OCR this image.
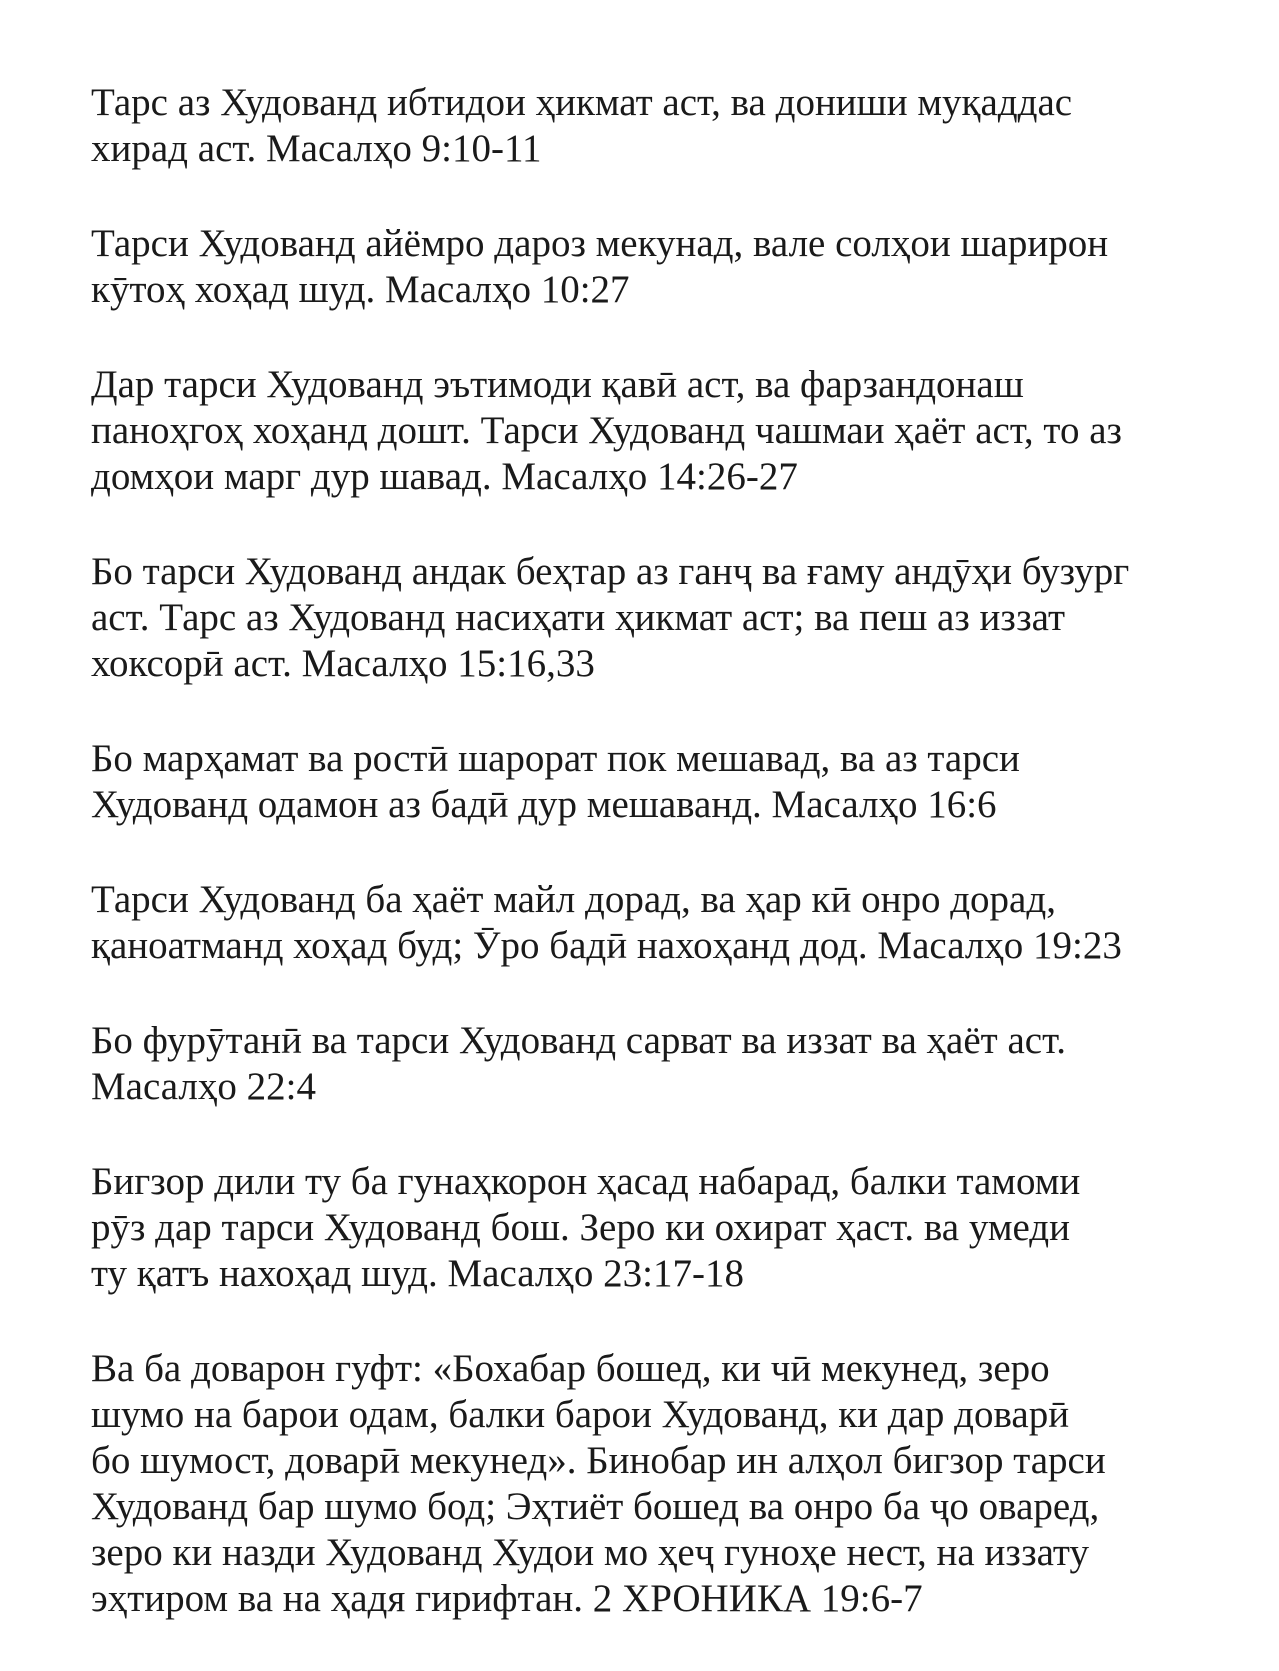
Тарс аз Худованд ибтидои ҳикмат аст, ва дониши муқаддас
хирад аст. Масалҳо 9:10-11
Тарси Худованд айёмро дароз мекунад, вале солҳои шарирон
кӯтоҳ хоҳад шуд. Масалҳо 10:27
Дар тарси Худованд эътимоди қавӣ аст, ва фарзандонаш
паноҳгоҳ хоҳанд дошт. Тарси Худованд чашмаи ҳаёт аст, то аз
домҳои марг дур шавад. Масалҳо 14:26-27
Бо тарси Худованд андак беҳтар аз ганҷ ва ғаму андӯҳи бузург
аст. Тарс аз Худованд насиҳати ҳикмат аст; ва пеш аз иззат
хоксорӣ аст. Масалҳо 15:16,33
Бо марҳамат ва ростӣ шарорат пок мешавад, ва аз тарси
Худованд одамон аз бадӣ дур мешаванд. Масалҳо 16:6
Тарси Худованд ба ҳаёт майл дорад, ва ҳар кӣ онро дорад,
қаноатманд хоҳад буд; Ӯро бадӣ нахоҳанд дод. Масалҳо 19:23
Бо фурӯтанӣ ва тарси Худованд сарват ва иззат ва ҳаёт аст.
Масалҳо 22:4
Бигзор дили ту ба гунаҳкорон ҳасад набарад, балки тамоми
рӯз дар тарси Худованд бош. Зеро ки охират ҳаст. ва умеди
ту қатъ нахоҳад шуд. Масалҳо 23:17-18
Ва ба доварон гуфт: «Бохабар бошед, ки чӣ мекунед, зеро
шумо на барои одам, балки барои Худованд, ки дар доварӣ
бо шумост, доварӣ мекунед». Бинобар ин алҳол бигзор тарси
Худованд бар шумо бод; Эҳтиёт бошед ва онро ба ҷо оваред,
зеро ки назди Худованд Худои мо ҳеҷ гуноҳе нест, на иззату
эҳтиром ва на ҳадя гирифтан. 2 ХРОНИКА 19:6-7
